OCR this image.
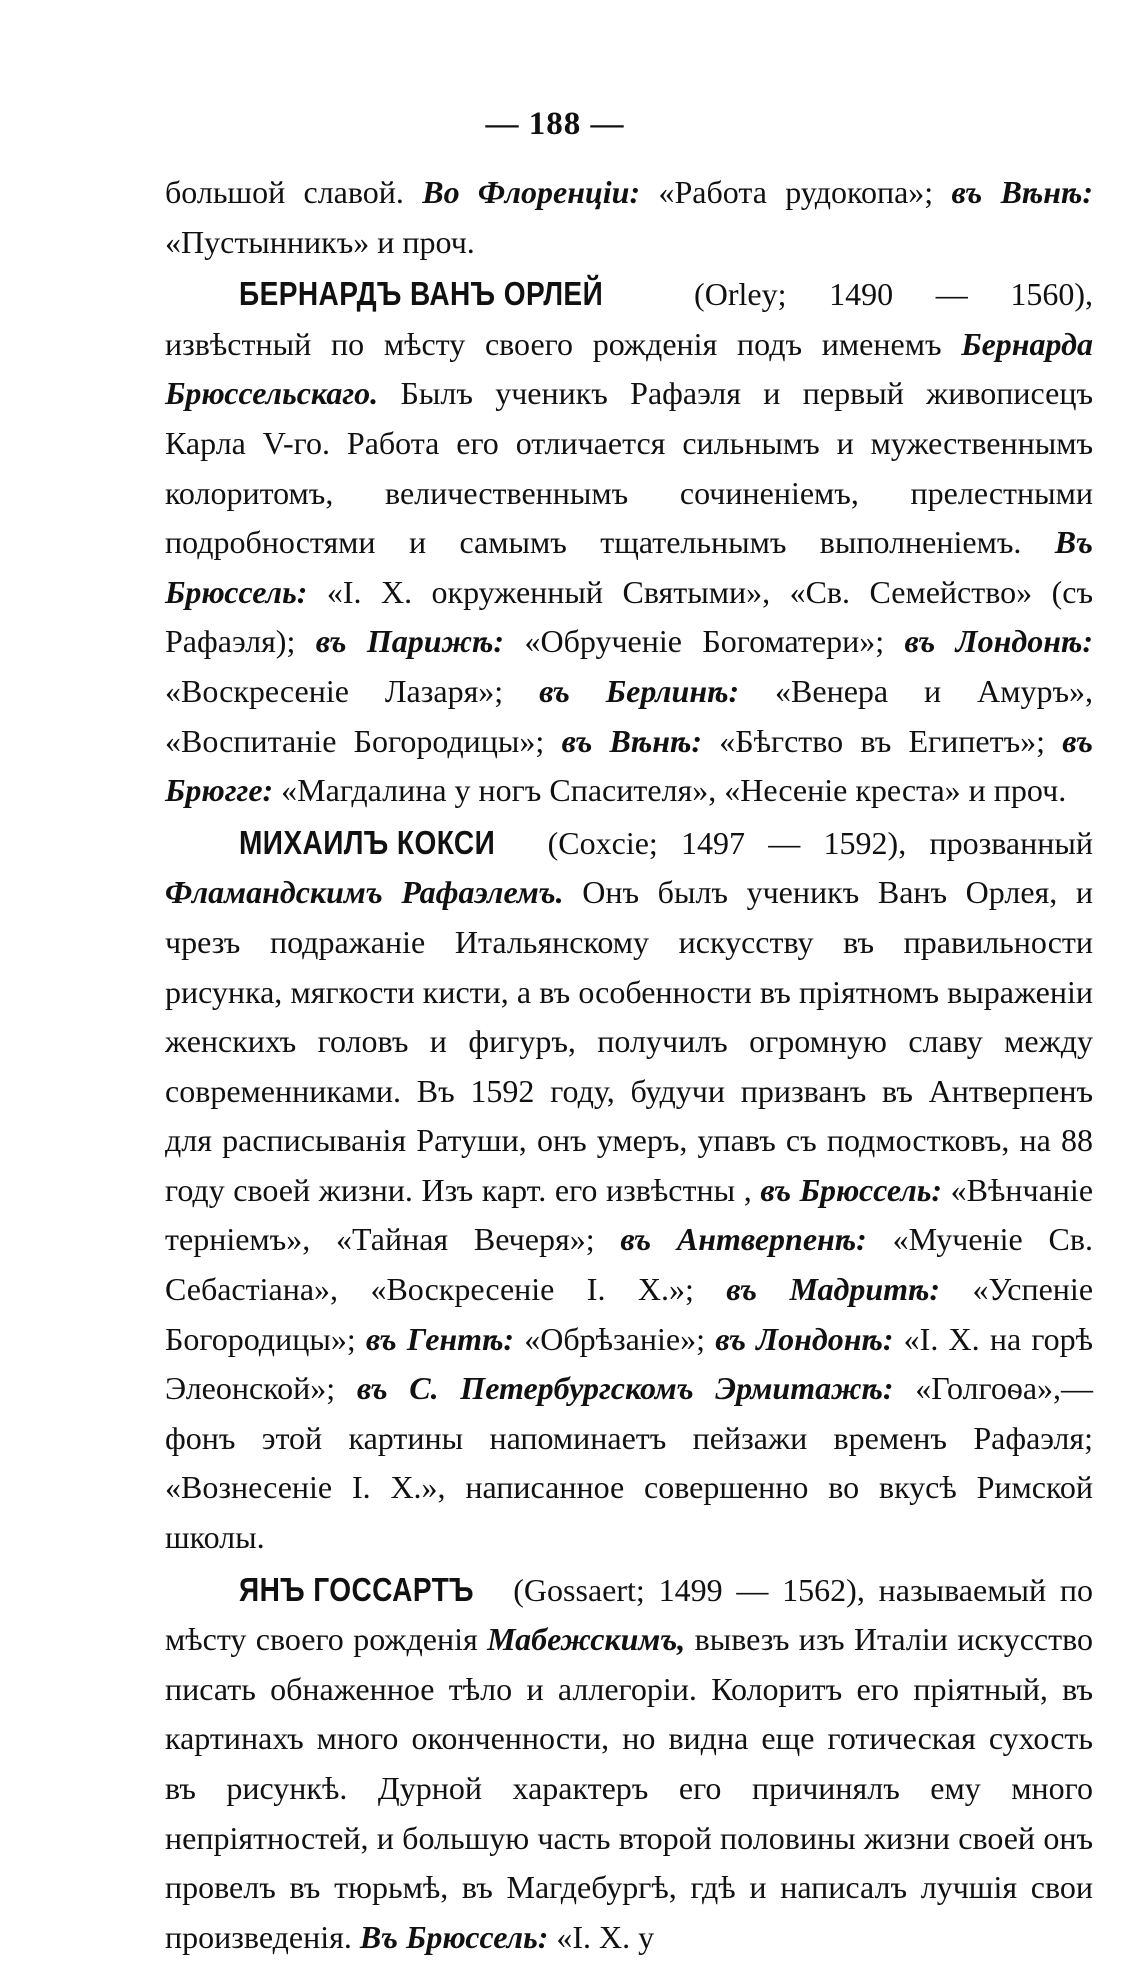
— 188 —

большой славой. Во Флоренціи: «Работа рудокопа»; въ Вѣнѣ: «Пустынникъ» и проч.

БЕРНАРДЪ ВАНЪ ОРЛЕЙ (Orley; 1490 — 1560), извѣстный по мѣсту своего рожденія подъ именемъ Бернарда Брюссельскаго. Былъ ученикъ Рафаэля и первый живописецъ Карла V-го. Работа его отличается сильнымъ и мужественнымъ колоритомъ, величественнымъ сочиненіемъ, прелестными подробностями и самымъ тщательнымъ выполненіемъ. Въ Брюссель: «І. Х. окруженный Святыми», «Св. Семейство» (съ Рафаэля); въ Парижѣ: «Обрученіе Богоматери»; въ Лондонѣ: «Воскресеніе Лазаря»; въ Берлинѣ: «Венера и Амуръ», «Воспитаніе Богородицы»; въ Вѣнѣ: «Бѣгство въ Египетъ»; въ Брюгге: «Магдалина у ногъ Спасителя», «Несеніе креста» и проч.

МИХАИЛЪ КОКСИ (Coxcie; 1497 — 1592), прозванный Фламандскимъ Рафаэлемъ. Онъ былъ ученикъ Ванъ Орлея, и чрезъ подражаніе Итальянскому искусству въ правильности рисунка, мягкости кисти, а въ особенности въ пріятномъ выраженіи женскихъ головъ и фигуръ, получилъ огромную славу между современниками. Въ 1592 году, будучи призванъ въ Антверпенъ для расписыванія Ратуши, онъ умеръ, упавъ съ подмостковъ, на 88 году своей жизни. Изъ карт. его извѣстны , въ Брюссель: «Вѣнчаніе терніемъ», «Тайная Вечеря»; въ Антверпенѣ: «Мученіе Св. Себастіана», «Воскресеніе І. Х.»; въ Мадритѣ: «Успеніе Богородицы»; въ Гентѣ: «Обрѣзаніе»; въ Лондонѣ: «І. Х. на горѣ Элеонской»; въ С. Петербургскомъ Эрмитажѣ: «Голгоѳа»,—фонъ этой картины напоминаетъ пейзажи временъ Рафаэля; «Вознесеніе І. Х.», написанное совершенно во вкусѣ Римской школы.

ЯНЪ ГОССАРТЪ (Gossaert; 1499 — 1562), называемый по мѣсту своего рожденія Мабежскимъ, вывезъ изъ Италіи искусство писать обнаженное тѣло и аллегоріи. Колоритъ его пріятный, въ картинахъ много оконченности, но видна еще готическая сухость въ рисункѣ. Дурной характеръ его причинялъ ему много непріятностей, и большую часть второй половины жизни своей онъ провелъ въ тюрьмѣ, въ Магдебургѣ, гдѣ и написалъ лучшія свои произведенія. Въ Брюссель: «І. Х. у
